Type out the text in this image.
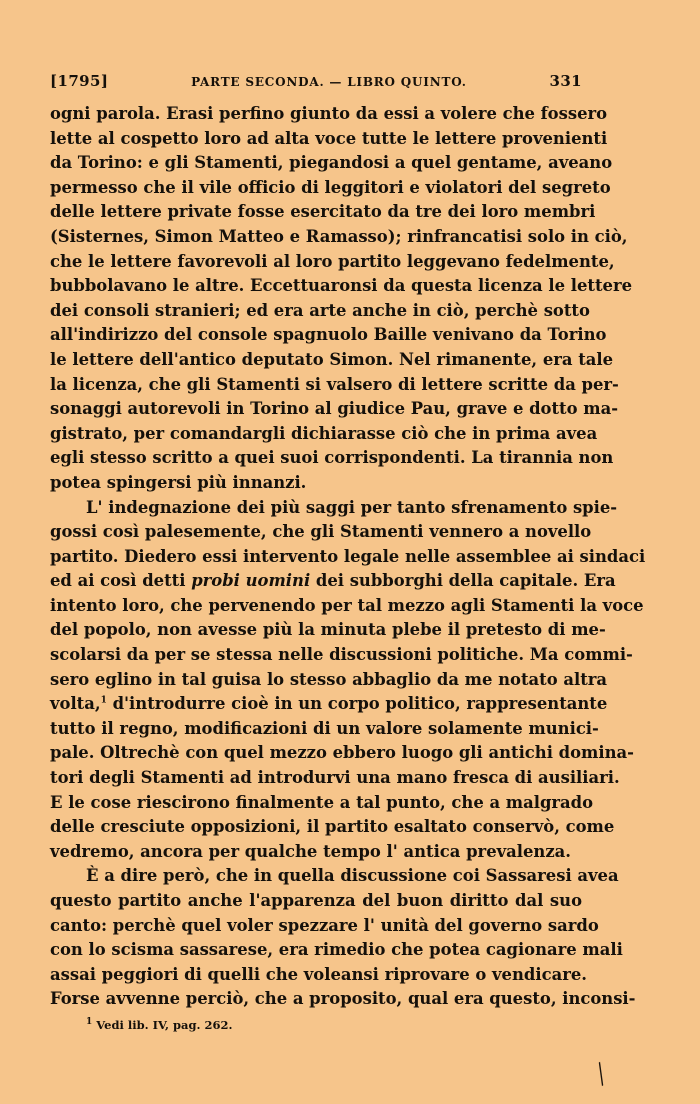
[1795]	PARTE SECONDA. — LIBRO QUINTO.	331
ogni parola. Erasi perfino giunto da essi a volere che fossero
lette al cospetto loro ad alta voce tutte le lettere provenienti
da Torino: e gli Stamenti, piegandosi a quel gentame, aveano
permesso che il vile officio di leggitori e violatori del segreto
delle lettere private fosse esercitato da tre dei loro membri
(Sisternes, Simon Matteo e Ramasso); rinfrancatisi solo in ciò,
che le lettere favorevoli al loro partito leggevano fedelmente,
bubbolavano le altre. Eccettuaronsi da questa licenza le lettere
dei consoli stranieri; ed era arte anche in ciò, perchè sotto
all'indirizzo del console spagnuolo Baille venivano da Torino
le lettere dell'antico deputato Simon. Nel rimanente, era tale
la licenza, che gli Stamenti si valsero di lettere scritte da per-
sonaggi autorevoli in Torino al giudice Pau, grave e dotto ma-
gistrato, per comandargli dichiarasse ciò che in prima avea
egli stesso scritto a quei suoi corrispondenti. La tirannia non
potea spingersi più innanzi.
L' indegnazione dei più saggi per tanto sfrenamento spie-
gossi così palesemente, che gli Stamenti vennero a novello
partito. Diedero essi intervento legale nelle assemblee ai sindaci
ed ai così detti probi uomini dei subborghi della capitale. Era
intento loro, che pervenendo per tal mezzo agli Stamenti la voce
del popolo, non avesse più la minuta plebe il pretesto di me-
scolarsi da per se stessa nelle discussioni politiche. Ma commi-
sero eglino in tal guisa lo stesso abbaglio da me notato altra
volta,$^1$ d'introdurre cioè in un corpo politico, rappresentante
tutto il regno, modificazioni di un valore solamente munici-
pale. Oltrechè con quel mezzo ebbero luogo gli antichi domina-
tori degli Stamenti ad introdurvi una mano fresca di ausiliari.
E le cose riescirono finalmente a tal punto, che a malgrado
delle cresciute opposizioni, il partito esaltato conservò, come
vedremo, ancora per qualche tempo l' antica prevalenza.
È a dire però, che in quella discussione coi Sassaresi avea
questo partito anche l'apparenza del buon diritto dal suo
canto: perchè quel voler spezzare l' unità del governo sardo
con lo scisma sassarese, era rimedio che potea cagionare mali
assai peggiori di quelli che voleansi riprovare o vendicare.
Forse avvenne perciò, che a proposito, qual era questo, inconsi-
$^1$ Vedi lib. IV, pag. 262.
╱
